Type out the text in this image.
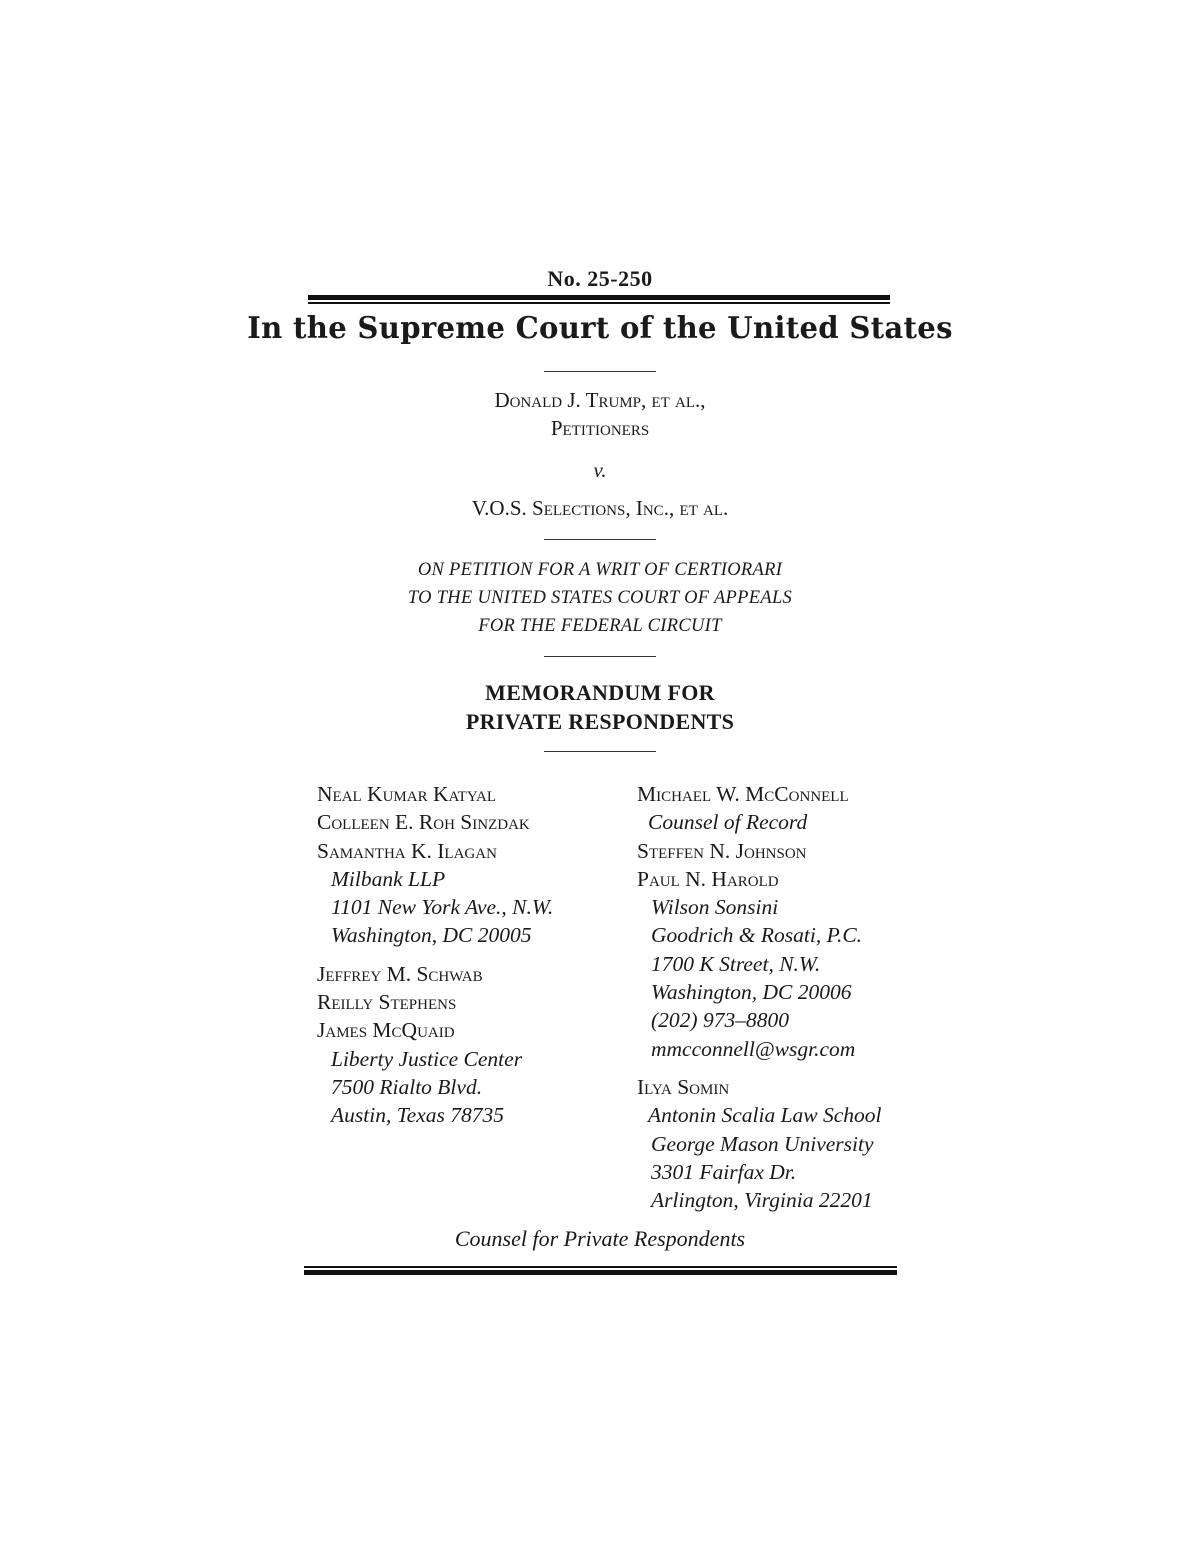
No. 25-250
In the Supreme Court of the United States
Donald J. Trump, et al.,
Petitioners
v.
V.O.S. Selections, Inc., et al.
ON PETITION FOR A WRIT OF CERTIORARI
TO THE UNITED STATES COURT OF APPEALS
FOR THE FEDERAL CIRCUIT
MEMORANDUM FOR
PRIVATE RESPONDENTS
Neal Kumar Katyal
Colleen E. Roh Sinzdak
Samantha K. Ilagan
Milbank LLP
1101 New York Ave., N.W.
Washington, DC 20005
Jeffrey M. Schwab
Reilly Stephens
James McQuaid
Liberty Justice Center
7500 Rialto Blvd.
Austin, Texas 78735
Michael W. McConnell
Counsel of Record
Steffen N. Johnson
Paul N. Harold
Wilson Sonsini
Goodrich & Rosati, P.C.
1700 K Street, N.W.
Washington, DC 20006
(202) 973–8800
mmcconnell@wsgr.com
Ilya Somin
Antonin Scalia Law School
George Mason University
3301 Fairfax Dr.
Arlington, Virginia 22201
Counsel for Private Respondents
